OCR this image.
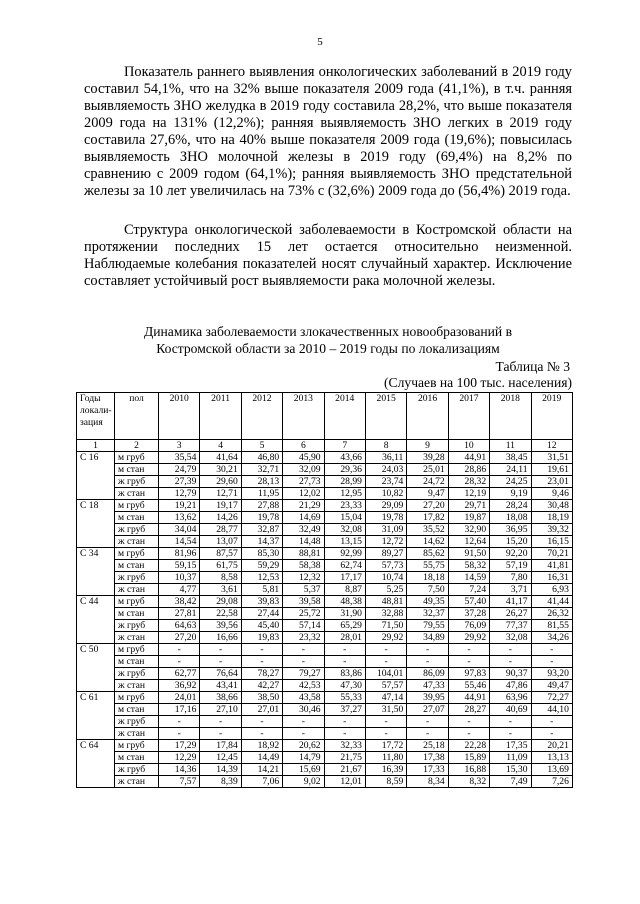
5

Показатель раннего выявления онкологических заболеваний в 2019 году составил 54,1%, что на 32% выше показателя 2009 года (41,1%), в т.ч. ранняя выявляемость ЗНО желудка в 2019 году составила 28,2%, что выше показателя 2009 года на 131% (12,2%); ранняя выявляемость ЗНО легких в 2019 году составила 27,6%, что на 40% выше показателя 2009 года (19,6%); повысилась выявляемость ЗНО молочной железы в 2019 году (69,4%) на 8,2% по сравнению с 2009 годом (64,1%); ранняя выявляемость ЗНО предстательной железы за 10 лет увеличилась на 73% с (32,6%) 2009 года до (56,4%) 2019 года.

Структура онкологической заболеваемости в Костромской области на протяжении последних 15 лет остается относительно неизменной. Наблюдаемые колебания показателей носят случайный характер. Исключение составляет устойчивый рост выявляемости рака молочной железы.

Динамика заболеваемости злокачественных новообразований в
Костромской области за 2010 – 2019 годы по локализациям
Таблица № 3
(Случаев на 100 тыс. населения)
Годы
локали-
зация	пол	2010	2011	2012	2013	2014	2015	2016	2017	2018	2019
1	2	3	4	5	6	7	8	9	10	11	12
С 16	м груб	35,54	41,64	46,80	45,90	43,66	36,11	39,28	44,91	38,45	31,51
	м стан	24,79	30,21	32,71	32,09	29,36	24,03	25,01	28,86	24,11	19,61
	ж груб	27,39	29,60	28,13	27,73	28,99	23,74	24,72	28,32	24,25	23,01
	ж стан	12,79	12,71	11,95	12,02	12,95	10,82	9,47	12,19	9,19	9,46
С 18	м груб	19,21	19,17	27,88	21,29	23,33	29,09	27,20	29,71	28,24	30,48
	м стан	13,62	14,26	19,78	14,69	15,04	19,78	17,82	19,87	18,08	18,19
	ж груб	34,04	28,77	32,87	32,49	32,08	31,09	35,52	32,90	36,95	39,32
	ж стан	14,54	13,07	14,37	14,48	13,15	12,72	14,62	12,64	15,20	16,15
С 34	м груб	81,96	87,57	85,30	88,81	92,99	89,27	85,62	91,50	92,20	70,21
	м стан	59,15	61,75	59,29	58,38	62,74	57,73	55,75	58,32	57,19	41,81
	ж груб	10,37	8,58	12,53	12,32	17,17	10,74	18,18	14,59	7,80	16,31
	ж стан	4,77	3,61	5,81	5,37	8,87	5,25	7,50	7,24	3,71	6,93
С 44	м груб	38,42	29,08	39,83	39,58	48,38	48,81	49,35	57,40	41,17	41,44
	м стан	27,81	22,58	27,44	25,72	31,90	32,88	32,37	37,28	26,27	26,32
	ж груб	64,63	39,56	45,40	57,14	65,29	71,50	79,55	76,09	77,37	81,55
	ж стан	27,20	16,66	19,83	23,32	28,01	29,92	34,89	29,92	32,08	34,26
С 50	м груб	-	-	-	-	-	-	-	-	-	-
	м стан	-	-	-	-	-	-	-	-	-	-
	ж груб	62,77	76,64	78,27	79,27	83,86	104,01	86,09	97,83	90,37	93,20
	ж стан	36,92	43,41	42,27	42,53	47,30	57,57	47,33	55,46	47,86	49,47
С 61	м груб	24,01	38,66	38,50	43,58	55,33	47,14	39,95	44,91	63,96	72,27
	м стан	17,16	27,10	27,01	30,46	37,27	31,50	27,07	28,27	40,69	44,10
	ж груб	-	-	-	-	-	-	-	-	-	-
	ж стан	-	-	-	-	-	-	-	-	-	-
С 64	м груб	17,29	17,84	18,92	20,62	32,33	17,72	25,18	22,28	17,35	20,21
	м стан	12,29	12,45	14,49	14,79	21,75	11,80	17,38	15,89	11,09	13,13
	ж груб	14,36	14,39	14,21	15,69	21,67	16,39	17,33	16,88	15,30	13,69
	ж стан	7,57	8,39	7,06	9,02	12,01	8,59	8,34	8,32	7,49	7,26
